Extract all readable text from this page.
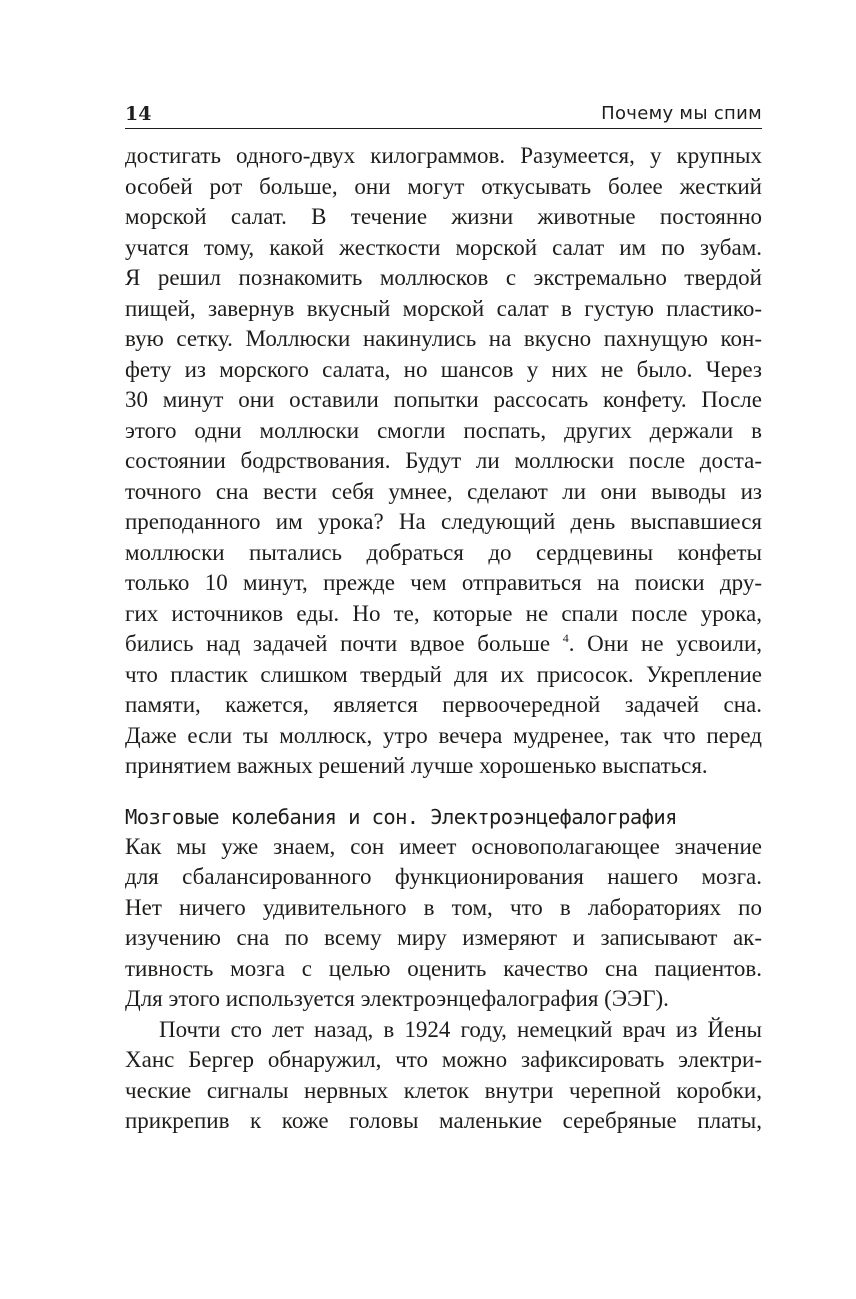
14	Почему мы спим

достигать одного-двух килограммов. Разумеется, у крупных
особей рот больше, они могут откусывать более жесткий
морской салат. В течение жизни животные постоянно
учатся тому, какой жесткости морской салат им по зубам.
Я решил познакомить моллюсков с экстремально твердой
пищей, завернув вкусный морской салат в густую пластико-
вую сетку. Моллюски накинулись на вкусно пахнущую кон-
фету из морского салата, но шансов у них не было. Через
30 минут они оставили попытки рассосать конфету. После
этого одни моллюски смогли поспать, других держали в
состоянии бодрствования. Будут ли моллюски после доста-
точного сна вести себя умнее, сделают ли они выводы из
преподанного им урока? На следующий день выспавшиеся
моллюски пытались добраться до сердцевины конфеты
только 10 минут, прежде чем отправиться на поиски дру-
гих источников еды. Но те, которые не спали после урока,
бились над задачей почти вдвое больше $^4$. Они не усвоили,
что пластик слишком твердый для их присосок. Укрепление
памяти, кажется, является первоочередной задачей сна.
Даже если ты моллюск, утро вечера мудренее, так что перед
принятием важных решений лучше хорошенько выспаться.

Мозговые колебания и сон. Электроэнцефалография

Как мы уже знаем, сон имеет основополагающее значение
для сбалансированного функционирования нашего мозга.
Нет ничего удивительного в том, что в лабораториях по
изучению сна по всему миру измеряют и записывают ак-
тивность мозга с целью оценить качество сна пациентов.
Для этого используется электроэнцефалография (ЭЭГ).

Почти сто лет назад, в 1924 году, немецкий врач из Йены
Ханс Бергер обнаружил, что можно зафиксировать электри-
ческие сигналы нервных клеток внутри черепной коробки,
прикрепив к коже головы маленькие серебряные платы,
